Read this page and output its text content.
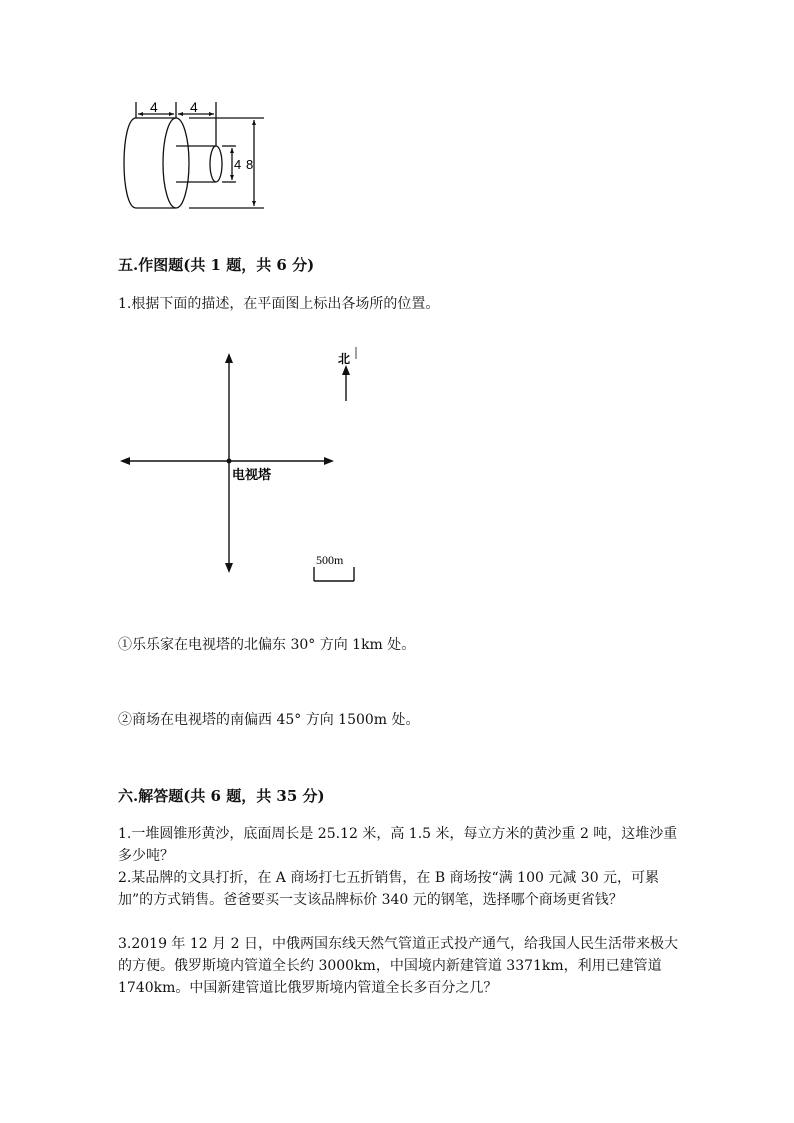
4 4
4 8
五.作图题(共 1 题，共 6 分)
1.根据下面的描述，在平面图上标出各场所的位置。
北
电视塔
500m
①乐乐家在电视塔的北偏东 30° 方向 1km 处。
②商场在电视塔的南偏西 45° 方向 1500m 处。
六.解答题(共 6 题，共 35 分)
1.一堆圆锥形黄沙，底面周长是 25.12 米，高 1.5 米，每立方米的黄沙重 2 吨，这堆沙重多少吨？
2.某品牌的文具打折，在 A 商场打七五折销售，在 B 商场按“满 100 元减 30 元，可累加”的方式销售。爸爸要买一支该品牌标价 340 元的钢笔，选择哪个商场更省钱？
3.2019 年 12 月 2 日，中俄两国东线天然气管道正式投产通气，给我国人民生活带来极大的方便。俄罗斯境内管道全长约 3000km，中国境内新建管道 3371km，利用已建管道 1740km。中国新建管道比俄罗斯境内管道全长多百分之几？
